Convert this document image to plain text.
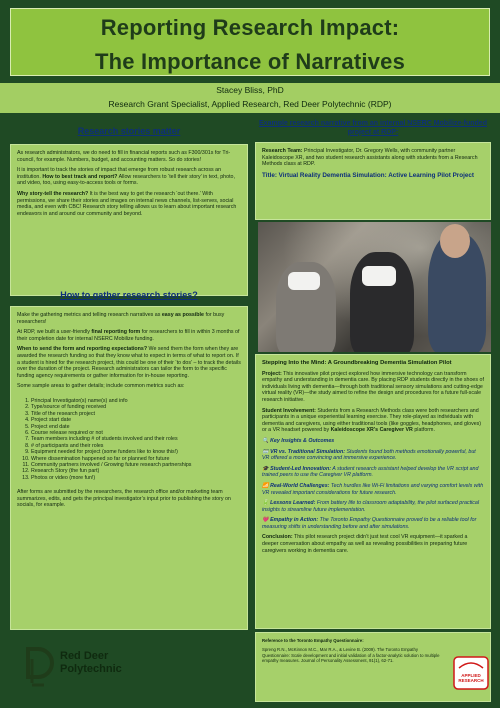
Reporting Research Impact:
The Importance of Narratives
Stacey Bliss, PhD
Research Grant Specialist, Applied Research, Red Deer Polytechnic (RDP)
Research stories matter

As research administrators, we do need to fill in financial reports such as F300/301s for Tri-council, for example. Numbers, budget, and accounting matters. So do stories!

It is important to track the stories of impact that emerge from robust research across an institution. How to best track and report? Allow researchers to ‘tell their story’ in text, photo, and video, too, using easy-to-access tools or forms.

Why story-tell the research? It is the best way to get the research ‘out there.’ With permissions, we share their stories and images on internal news channels, list-serves, social media, and even with CBC! Research story telling allows us to learn about important research endeavors in and around our community and beyond.

How to gather research stories?

Make the gathering metrics and telling research narratives as easy as possible for busy researchers!

At RDP, we built a user-friendly final reporting form for researchers to fill in within 3 months of their completion date for internal NSERC Mobilize funding.

When to send the form and reporting expectations? We send them the form when they are awarded the research funding so that they know what to expect in terms of what to report on. If a student is hired for the research project, this could be one of their ‘to dos’ – to track the details over the duration of the project. Research administrators can tailor the form to the specific funding agency requirements or gather information for in-house reporting.

Some sample areas to gather details; include common metrics such as:

1. Principal Investigator(s) name(s) and info
2. Type/source of funding received
3. Title of the research project
4. Project start date
5. Project end date
6. Course release required or not
7. Team members including # of students involved and their roles
8. # of participants and their roles
9. Equipment needed for project (some funders like to know this!)
10. Where dissemination happened so far or planned for future
11. Community partners involved / Growing future research partnerships
12. Research Story (the fun part)
13. Photos or video (more fun!)

After forms are submitted by the researchers, the research office and/or marketing team summarizes, edits, and gets the principal investigator’s input prior to publishing the story on socials, for example.

Example research narrative from an internal NSERC Mobilize-funded project at RDP:

Research Team: Principal Investigator, Dr. Gregory Wells, with community partner Kaleidoscope XR, and two student research assistants along with students from a Research Methods class at RDP.

Title: Virtual Reality Dementia Simulation: Active Learning Pilot Project

Stepping Into the Mind: A Groundbreaking Dementia Simulation Pilot

Project: This innovative pilot project explored how immersive technology can transform empathy and understanding in dementia care. By placing RDP students directly in the shoes of individuals living with dementia—through both traditional sensory simulations and cutting-edge virtual reality (VR)—the study aimed to refine the design and procedures for a future full-scale research initiative.

Student Involvement: Students from a Research Methods class were both researchers and participants in a unique experiential learning exercise. They role-played as individuals with dementia and caregivers, using either traditional tools (like goggles, headphones, and gloves) or a VR headset powered by Kaleidoscope XR’s Caregiver VR platform.

🔍 Key Insights & Outcomes

🥽 VR vs. Traditional Simulation: Students found both methods emotionally powerful, but VR offered a more convincing and immersive experience.

🎓 Student-Led Innovation: A student research assistant helped develop the VR script and trained peers to use the Caregiver VR platform.

📶 Real-World Challenges: Tech hurdles like Wi-Fi limitations and varying comfort levels with VR revealed important considerations for future research.

🔋 Lessons Learned: From battery life to classroom adaptability, the pilot surfaced practical insights to streamline future implementation.

💗 Empathy in Action: The Toronto Empathy Questionnaire proved to be a reliable tool for measuring shifts in understanding before and after simulations.

Conclusion: This pilot research project didn’t just test cool VR equipment—it sparked a deeper conversation about empathy as well as revealing possibilities in preparing future caregivers working in dementia care.

Reference to the Toronto Empathy Questionnaire:

Spreng R.N., McKinnon M.C., Mar R.A., & Levine B. (2009). The Toronto Empathy Questionnaire: Scale development and initial validation of a factor-analytic solution to multiple empathy measures. Journal of Personality Assessment, 91(1), 62-71.

Red Deer
Polytechnic
APPLIED
RESEARCH
